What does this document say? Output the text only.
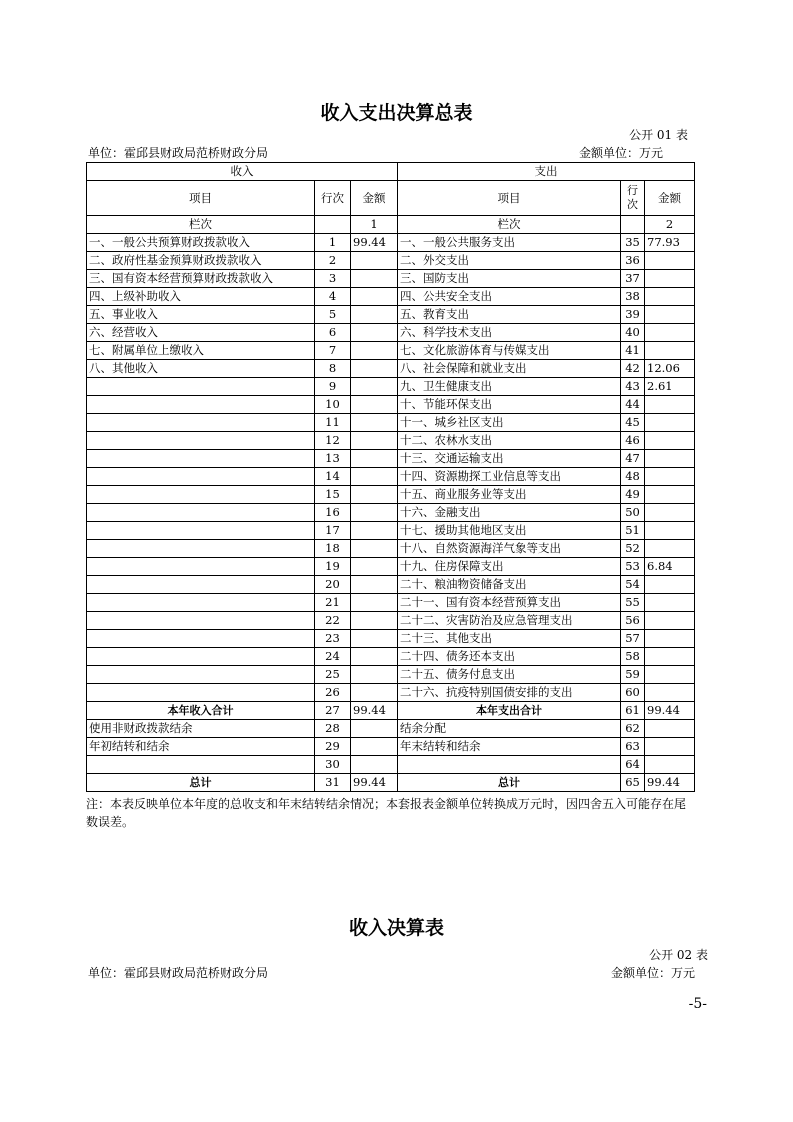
收入支出决算总表
公开 01 表
单位：霍邱县财政局范桥财政分局	金额单位：万元
收入			支出		
项目	行次	金额	项目	行次	金额
栏次		1	栏次		2
一、一般公共预算财政拨款收入	1	99.44	一、一般公共服务支出	35	77.93
二、政府性基金预算财政拨款收入	2		二、外交支出	36	
三、国有资本经营预算财政拨款收入	3		三、国防支出	37	
四、上级补助收入	4		四、公共安全支出	38	
五、事业收入	5		五、教育支出	39	
六、经营收入	6		六、科学技术支出	40	
七、附属单位上缴收入	7		七、文化旅游体育与传媒支出	41	
八、其他收入	8		八、社会保障和就业支出	42	12.06
	9		九、卫生健康支出	43	2.61
	10		十、节能环保支出	44	
	11		十一、城乡社区支出	45	
	12		十二、农林水支出	46	
	13		十三、交通运输支出	47	
	14		十四、资源勘探工业信息等支出	48	
	15		十五、商业服务业等支出	49	
	16		十六、金融支出	50	
	17		十七、援助其他地区支出	51	
	18		十八、自然资源海洋气象等支出	52	
	19		十九、住房保障支出	53	6.84
	20		二十、粮油物资储备支出	54	
	21		二十一、国有资本经营预算支出	55	
	22		二十二、灾害防治及应急管理支出	56	
	23		二十三、其他支出	57	
	24		二十四、债务还本支出	58	
	25		二十五、债务付息支出	59	
	26		二十六、抗疫特别国债安排的支出	60	
本年收入合计	27	99.44	本年支出合计	61	99.44
使用非财政拨款结余	28		结余分配	62	
年初结转和结余	29		年末结转和结余	63	
	30			64	
总计	31	99.44	总计	65	99.44
注：本表反映单位本年度的总收支和年末结转结余情况；本套报表金额单位转换成万元时，因四舍五入可能存在尾数误差。
收入决算表
公开 02 表
单位：霍邱县财政局范桥财政分局	金额单位：万元
-5-
